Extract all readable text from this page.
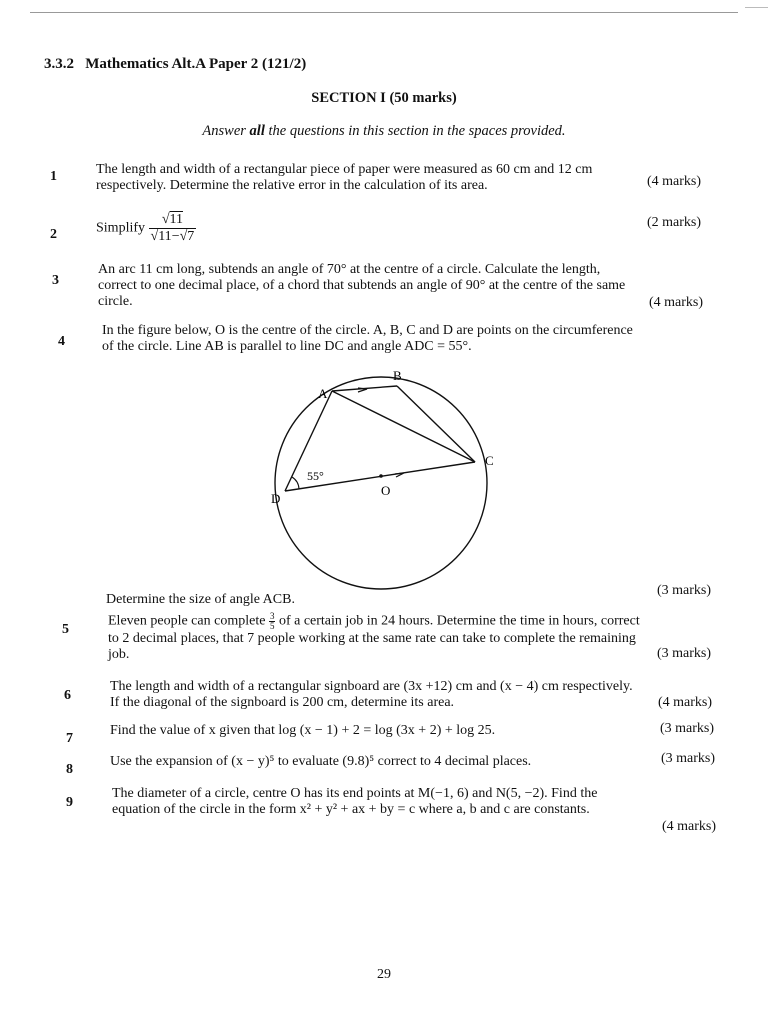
3.3.2 Mathematics Alt.A Paper 2 (121/2)
SECTION I (50 marks)
Answer all the questions in this section in the spaces provided.
1	The length and width of a rectangular piece of paper were measured as 60 cm and 12 cm
respectively. Determine the relative error in the calculation of its area.	(4 marks)
2	Simplify $\frac{√11}{√11-√7}$	(2 marks)
3
An arc 11 cm long, subtends an angle of 70° at the centre of a circle. Calculate the length,
correct to one decimal place, of a chord that subtends an angle of 90° at the centre of the same
circle.	(4 marks)
4
In the figure below, O is the centre of the circle. A, B, C and D are points on the circumference
of the circle. Line AB is parallel to line DC and angle ADC = 55°.
A
B
C
D
O
55°
Determine the size of angle ACB.
(3 marks)
5
Eleven people can complete $\frac{3}{5}$ of a certain job in 24 hours. Determine the time in hours, correct
to 2 decimal places, that 7 people working at the same rate can take to complete the remaining
job.	(3 marks)
6
The length and width of a rectangular signboard are (3x +12) cm and (x − 4) cm respectively.
If the diagonal of the signboard is 200 cm, determine its area.	(4 marks)
7
Find the value of x given that log (x − 1) + 2 = log (3x + 2) + log 25.	(3 marks)
8
Use the expansion of (x − y)⁵ to evaluate (9.8)⁵ correct to 4 decimal places.	(3 marks)
9
The diameter of a circle, centre O has its end points at M(−1, 6) and N(5, −2). Find the
equation of the circle in the form x² + y² + ax + by = c where a, b and c are constants.
(4 marks)
29
